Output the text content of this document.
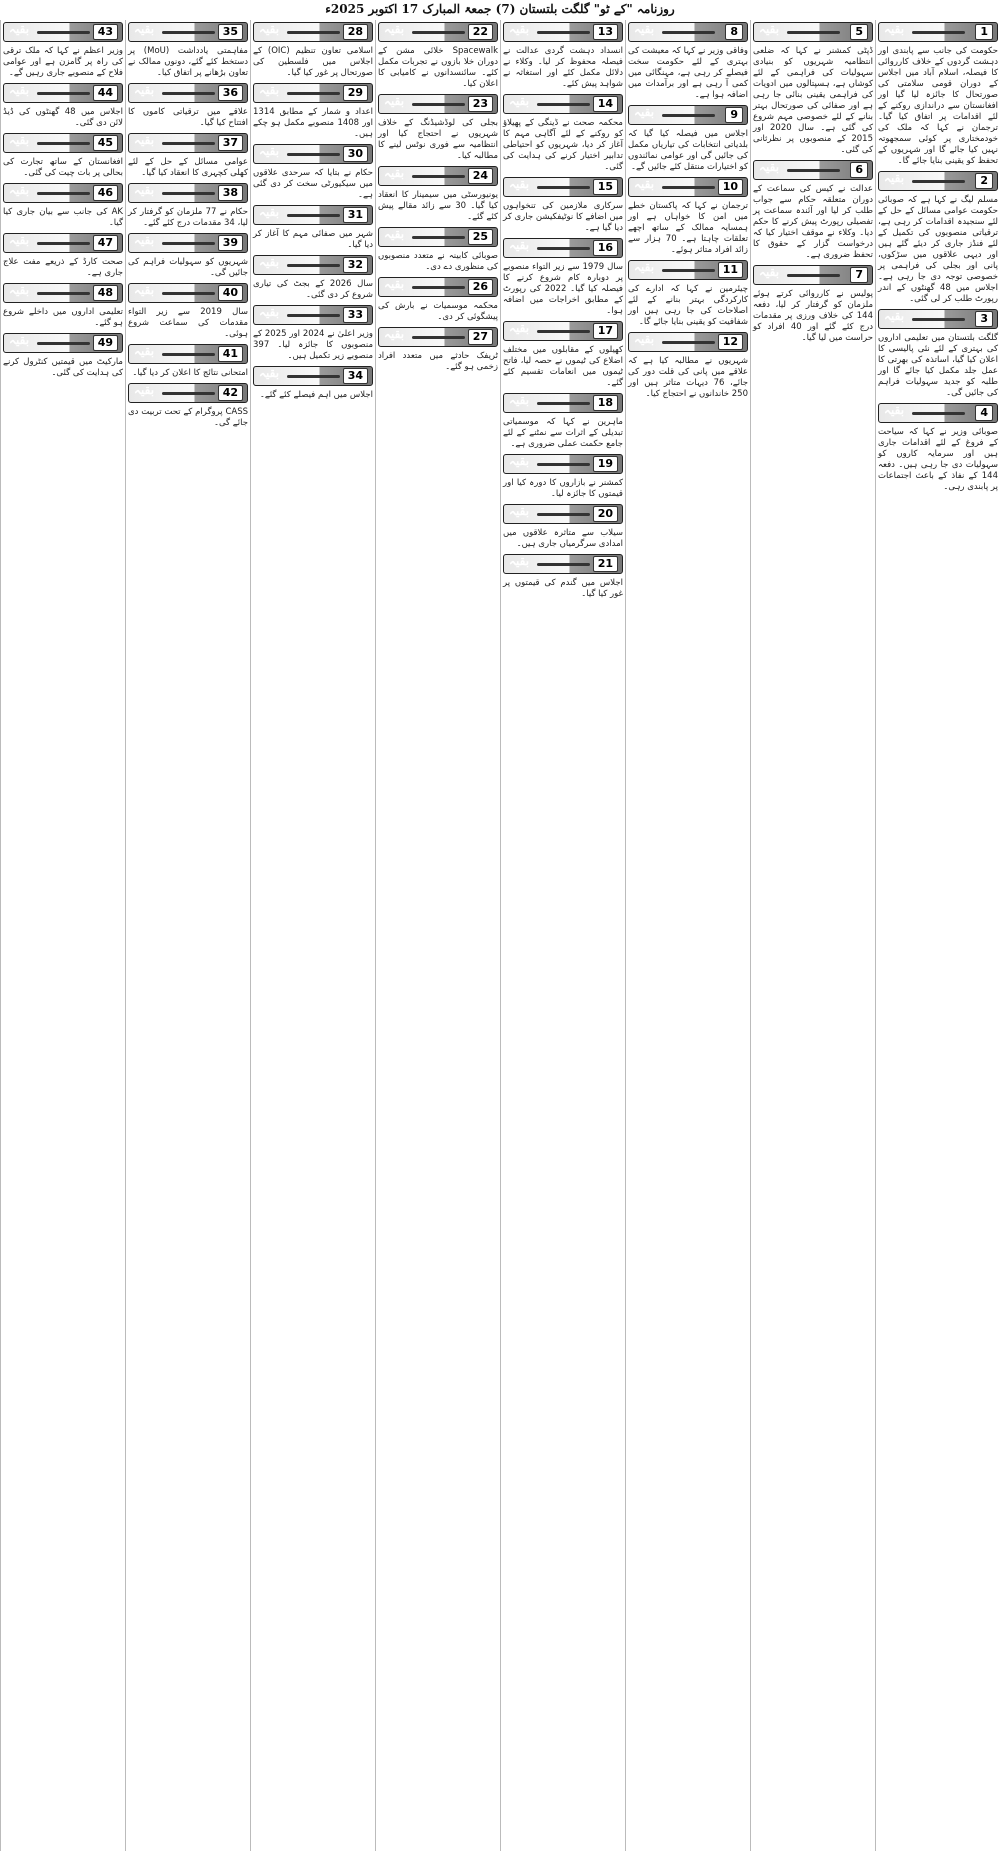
روزنامہ "کے ٹو" گلگت بلتستان (7) جمعۃ المبارک 17 اکتوبر 2025ء
1
بقیہ
حکومت کی جانب سے پابندی اور دہشت گردوں کے خلاف کارروائی کا فیصلہ، اسلام آباد میں اجلاس کے دوران قومی سلامتی کی صورتحال کا جائزہ لیا گیا اور افغانستان سے دراندازی روکنے کے لئے اقدامات پر اتفاق کیا گیا۔ ترجمان نے کہا کہ ملک کی خودمختاری پر کوئی سمجھوتہ نہیں کیا جائے گا اور شہریوں کے تحفظ کو یقینی بنایا جائے گا۔
2
بقیہ
مسلم لیگ نے کہا ہے کہ صوبائی حکومت عوامی مسائل کے حل کے لئے سنجیدہ اقدامات کر رہی ہے، ترقیاتی منصوبوں کی تکمیل کے لئے فنڈز جاری کر دیئے گئے ہیں اور دیہی علاقوں میں سڑکوں، پانی اور بجلی کی فراہمی پر خصوصی توجہ دی جا رہی ہے۔ اجلاس میں 48 گھنٹوں کے اندر رپورٹ طلب کر لی گئی۔
3
بقیہ
گلگت بلتستان میں تعلیمی اداروں کی بہتری کے لئے نئی پالیسی کا اعلان کیا گیا، اساتذہ کی بھرتی کا عمل جلد مکمل کیا جائے گا اور طلبہ کو جدید سہولیات فراہم کی جائیں گی۔
4
بقیہ
صوبائی وزیر نے کہا کہ سیاحت کے فروغ کے لئے اقدامات جاری ہیں اور سرمایہ کاروں کو سہولیات دی جا رہی ہیں۔ دفعہ 144 کے نفاذ کے باعث اجتماعات پر پابندی رہی۔
5
بقیہ
ڈپٹی کمشنر نے کہا کہ ضلعی انتظامیہ شہریوں کو بنیادی سہولیات کی فراہمی کے لئے کوشاں ہے، ہسپتالوں میں ادویات کی فراہمی یقینی بنائی جا رہی ہے اور صفائی کی صورتحال بہتر بنانے کے لئے خصوصی مہم شروع کی گئی ہے۔ سال 2020 اور 2015 کے منصوبوں پر نظرثانی کی گئی۔
6
بقیہ
عدالت نے کیس کی سماعت کے دوران متعلقہ حکام سے جواب طلب کر لیا اور آئندہ سماعت پر تفصیلی رپورٹ پیش کرنے کا حکم دیا۔ وکلاء نے موقف اختیار کیا کہ درخواست گزار کے حقوق کا تحفظ ضروری ہے۔
7
بقیہ
پولیس نے کارروائی کرتے ہوئے ملزمان کو گرفتار کر لیا، دفعہ 144 کی خلاف ورزی پر مقدمات درج کئے گئے اور 40 افراد کو حراست میں لیا گیا۔
8
بقیہ
وفاقی وزیر نے کہا کہ معیشت کی بہتری کے لئے حکومت سخت فیصلے کر رہی ہے، مہنگائی میں کمی آ رہی ہے اور برآمدات میں اضافہ ہوا ہے۔
9
بقیہ
اجلاس میں فیصلہ کیا گیا کہ بلدیاتی انتخابات کی تیاریاں مکمل کی جائیں گی اور عوامی نمائندوں کو اختیارات منتقل کئے جائیں گے۔
10
بقیہ
ترجمان نے کہا کہ پاکستان خطے میں امن کا خواہاں ہے اور ہمسایہ ممالک کے ساتھ اچھے تعلقات چاہتا ہے۔ 70 ہزار سے زائد افراد متاثر ہوئے۔
11
بقیہ
چیئرمین نے کہا کہ ادارے کی کارکردگی بہتر بنانے کے لئے اصلاحات کی جا رہی ہیں اور شفافیت کو یقینی بنایا جائے گا۔
12
بقیہ
شہریوں نے مطالبہ کیا ہے کہ علاقے میں پانی کی قلت دور کی جائے، 76 دیہات متاثر ہیں اور 250 خاندانوں نے احتجاج کیا۔
13
بقیہ
انسداد دہشت گردی عدالت نے فیصلہ محفوظ کر لیا۔ وکلاء نے دلائل مکمل کئے اور استغاثہ نے شواہد پیش کئے۔
14
بقیہ
محکمہ صحت نے ڈینگی کے پھیلاؤ کو روکنے کے لئے آگاہی مہم کا آغاز کر دیا، شہریوں کو احتیاطی تدابیر اختیار کرنے کی ہدایت کی گئی۔
15
بقیہ
سرکاری ملازمین کی تنخواہوں میں اضافے کا نوٹیفکیشن جاری کر دیا گیا ہے۔
16
بقیہ
سال 1979 سے زیر التواء منصوبے پر دوبارہ کام شروع کرنے کا فیصلہ کیا گیا۔ 2022 کی رپورٹ کے مطابق اخراجات میں اضافہ ہوا۔
17
بقیہ
کھیلوں کے مقابلوں میں مختلف اضلاع کی ٹیموں نے حصہ لیا، فاتح ٹیموں میں انعامات تقسیم کئے گئے۔
18
بقیہ
ماہرین نے کہا کہ موسمیاتی تبدیلی کے اثرات سے نمٹنے کے لئے جامع حکمت عملی ضروری ہے۔
19
بقیہ
کمشنر نے بازاروں کا دورہ کیا اور قیمتوں کا جائزہ لیا۔
20
بقیہ
سیلاب سے متاثرہ علاقوں میں امدادی سرگرمیاں جاری ہیں۔
21
بقیہ
اجلاس میں گندم کی قیمتوں پر غور کیا گیا۔
22
بقیہ
Spacewalk خلائی مشن کے دوران خلا بازوں نے تجربات مکمل کئے۔ سائنسدانوں نے کامیابی کا اعلان کیا۔
23
بقیہ
بجلی کی لوڈشیڈنگ کے خلاف شہریوں نے احتجاج کیا اور انتظامیہ سے فوری نوٹس لینے کا مطالبہ کیا۔
24
بقیہ
یونیورسٹی میں سیمینار کا انعقاد کیا گیا۔ 30 سے زائد مقالے پیش کئے گئے۔
25
بقیہ
صوبائی کابینہ نے متعدد منصوبوں کی منظوری دے دی۔
26
بقیہ
محکمہ موسمیات نے بارش کی پیشگوئی کر دی۔
27
بقیہ
ٹریفک حادثے میں متعدد افراد زخمی ہو گئے۔
28
بقیہ
اسلامی تعاون تنظیم (OIC) کے اجلاس میں فلسطین کی صورتحال پر غور کیا گیا۔
29
بقیہ
اعداد و شمار کے مطابق 1314 اور 1408 منصوبے مکمل ہو چکے ہیں۔
30
بقیہ
حکام نے بتایا کہ سرحدی علاقوں میں سیکیورٹی سخت کر دی گئی ہے۔
31
بقیہ
شہر میں صفائی مہم کا آغاز کر دیا گیا۔
32
بقیہ
سال 2026 کے بجٹ کی تیاری شروع کر دی گئی۔
33
بقیہ
وزیر اعلیٰ نے 2024 اور 2025 کے منصوبوں کا جائزہ لیا۔ 397 منصوبے زیر تکمیل ہیں۔
34
بقیہ
اجلاس میں اہم فیصلے کئے گئے۔
35
بقیہ
مفاہمتی یادداشت (MoU) پر دستخط کئے گئے، دونوں ممالک نے تعاون بڑھانے پر اتفاق کیا۔
36
بقیہ
علاقے میں ترقیاتی کاموں کا افتتاح کیا گیا۔
37
بقیہ
عوامی مسائل کے حل کے لئے کھلی کچہری کا انعقاد کیا گیا۔
38
بقیہ
حکام نے 77 ملزمان کو گرفتار کر لیا، 34 مقدمات درج کئے گئے۔
39
بقیہ
شہریوں کو سہولیات فراہم کی جائیں گی۔
40
بقیہ
سال 2019 سے زیر التواء مقدمات کی سماعت شروع ہوئی۔
41
بقیہ
امتحانی نتائج کا اعلان کر دیا گیا۔
42
بقیہ
CASS پروگرام کے تحت تربیت دی جائے گی۔
43
بقیہ
وزیر اعظم نے کہا کہ ملک ترقی کی راہ پر گامزن ہے اور عوامی فلاح کے منصوبے جاری رہیں گے۔
44
بقیہ
اجلاس میں 48 گھنٹوں کی ڈیڈ لائن دی گئی۔
45
بقیہ
افغانستان کے ساتھ تجارت کی بحالی پر بات چیت کی گئی۔
46
بقیہ
AK کی جانب سے بیان جاری کیا گیا۔
47
بقیہ
صحت کارڈ کے ذریعے مفت علاج جاری ہے۔
48
بقیہ
تعلیمی اداروں میں داخلے شروع ہو گئے۔
49
بقیہ
مارکیٹ میں قیمتیں کنٹرول کرنے کی ہدایت کی گئی۔
